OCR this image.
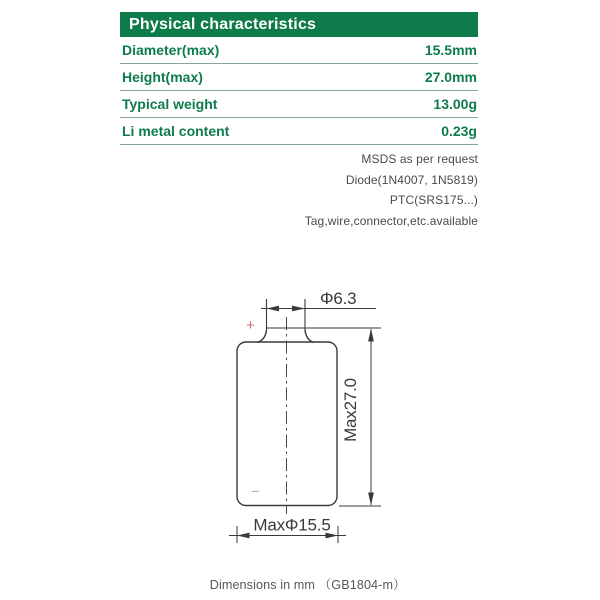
Physical characteristics
Diameter(max)	15.5mm
Height(max)	27.0mm
Typical weight	13.00g
Li metal content	0.23g
MSDS as per request
Diode(1N4007, 1N5819)
PTC(SRS175...)
Tag,wire,connector,etc.available
Φ6.3
Max27.0
MaxΦ15.5
+
−
Dimensions in mm （GB1804-m）
